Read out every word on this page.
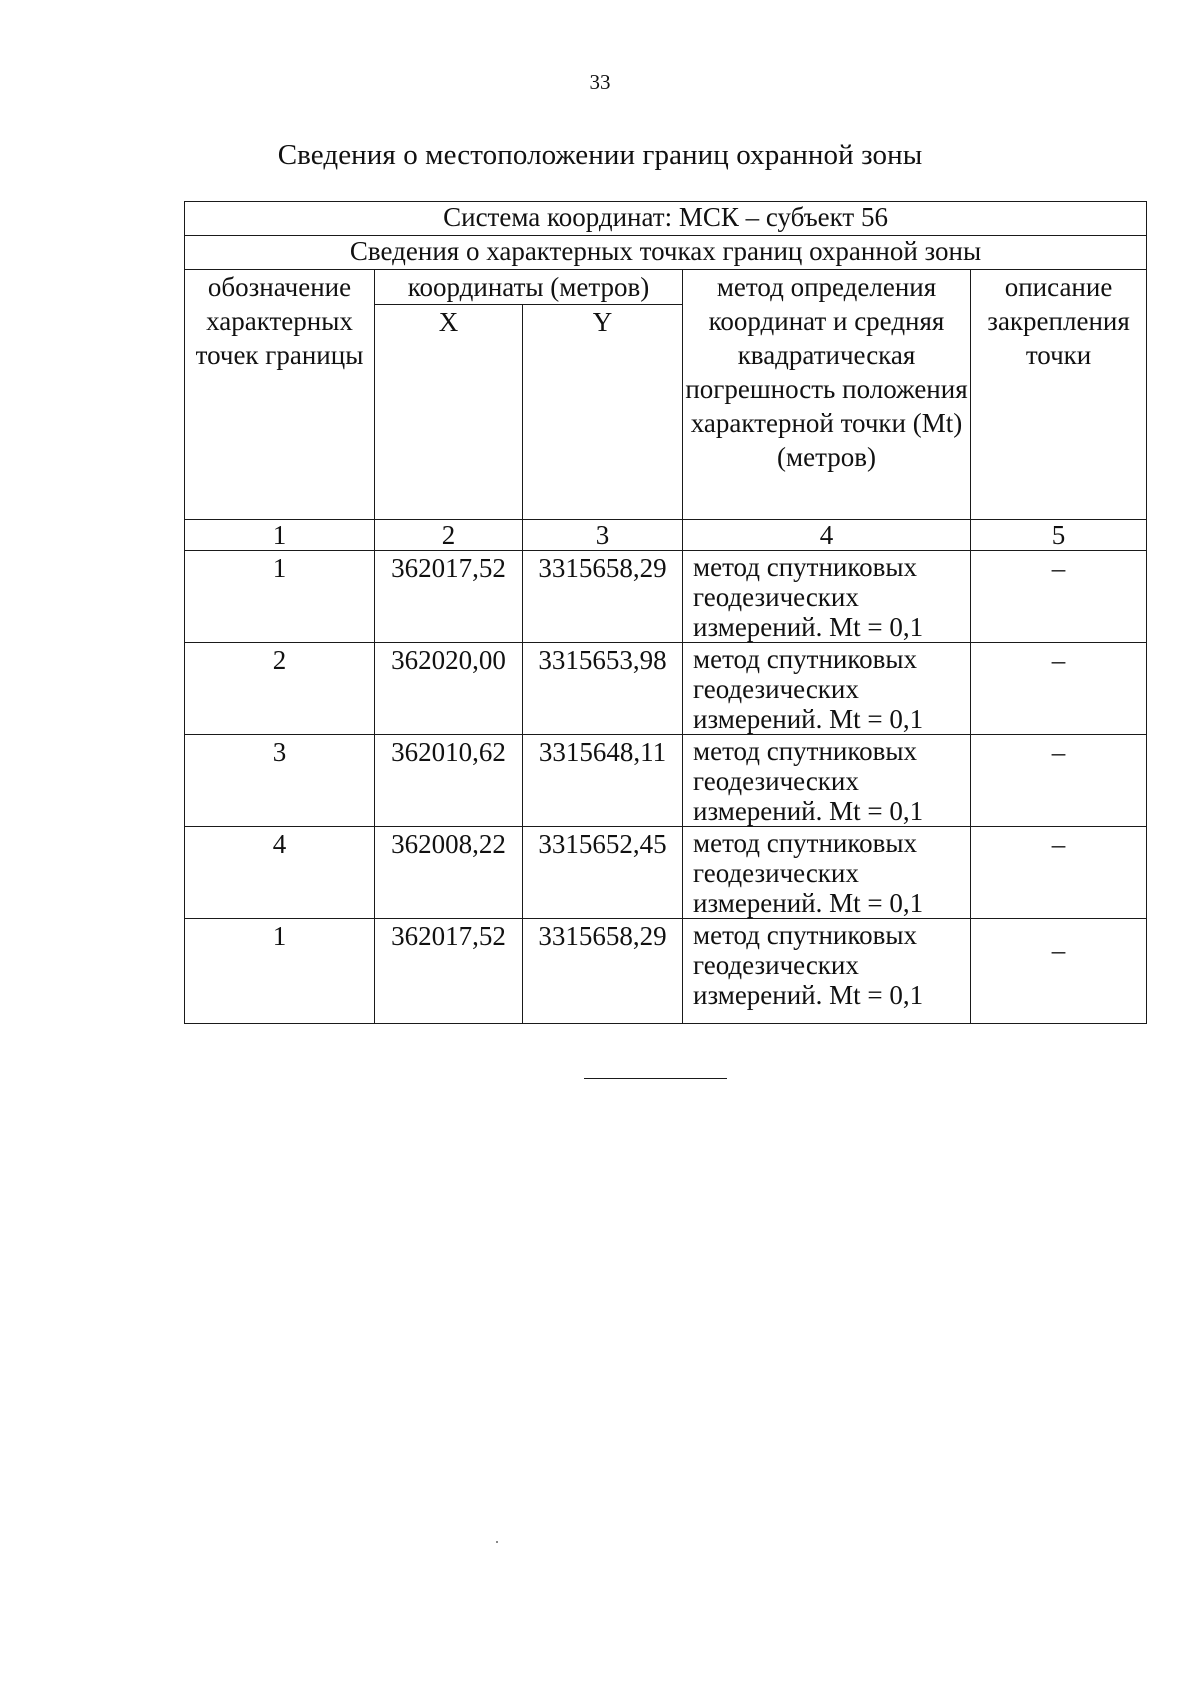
33
Сведения о местоположении границ охранной зоны
Система координат: МСК – субъект 56				
Сведения о характерных точках границ охранной зоны				
обозначение характерных точек границы	координаты (метров)		метод определения координат и средняя квадратическая погрешность положения характерной точки (Mt) (метров)	описание закрепления точки
	X	Y		
1	2	3	4	5
1	362017,52	3315658,29	метод спутниковых геодезических измерений. Mt = 0,1	–
2	362020,00	3315653,98	метод спутниковых геодезических измерений. Mt = 0,1	–
3	362010,62	3315648,11	метод спутниковых геодезических измерений. Mt = 0,1	–
4	362008,22	3315652,45	метод спутниковых геодезических измерений. Mt = 0,1	–
1	362017,52	3315658,29	метод спутниковых геодезических измерений. Mt = 0,1	–
